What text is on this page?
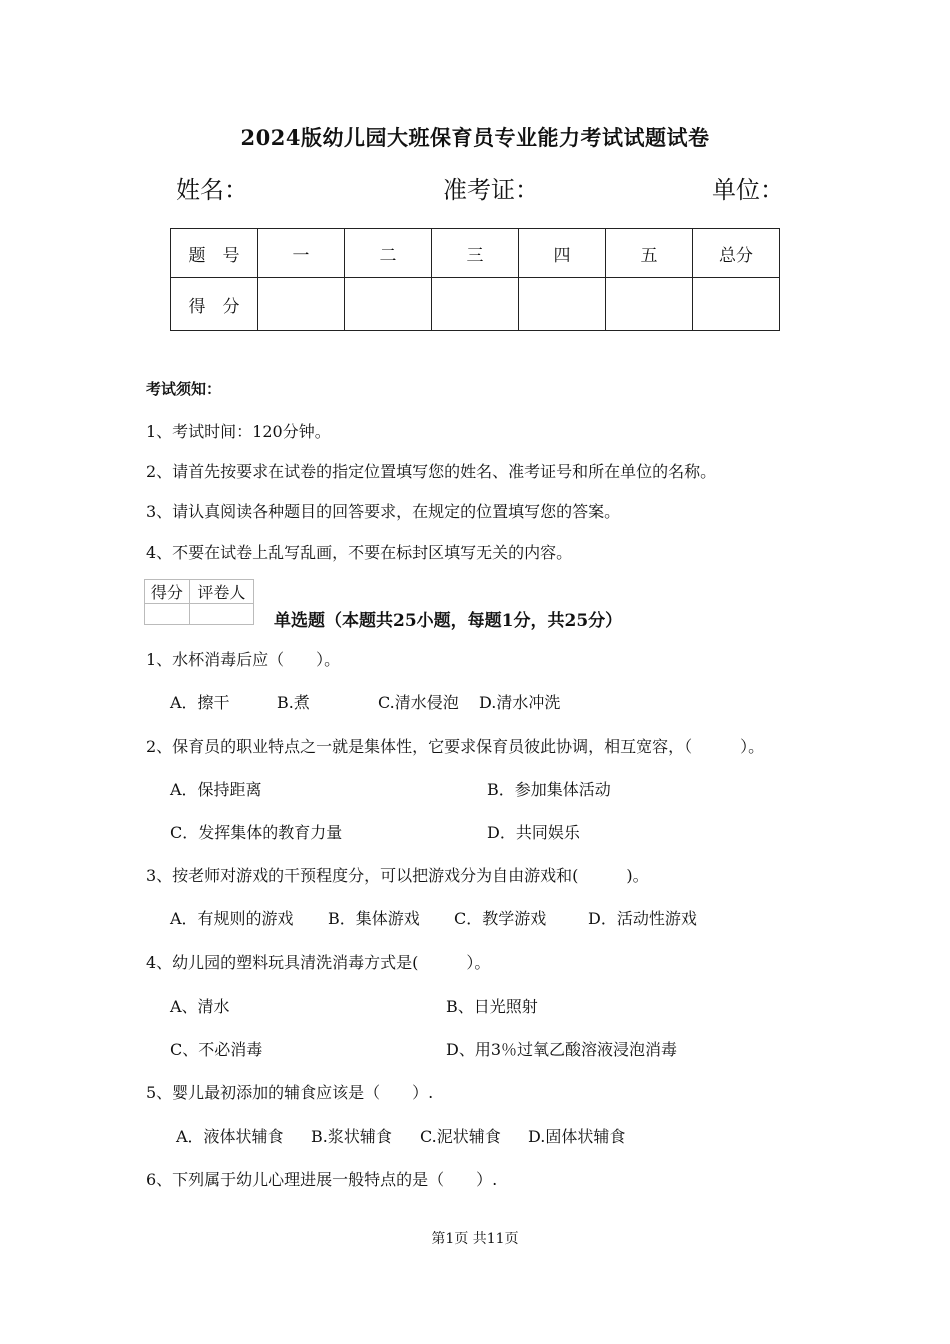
2024版幼儿园大班保育员专业能力考试试题试卷
姓名：	准考证：	单位：
题　号	一	二	三	四	五	总分
得　分						
考试须知：
1、考试时间：120分钟。
2、请首先按要求在试卷的指定位置填写您的姓名、准考证号和所在单位的名称。
3、请认真阅读各种题目的回答要求，在规定的位置填写您的答案。
4、不要在试卷上乱写乱画，不要在标封区填写无关的内容。
得分	评卷人

单选题（本题共25小题，每题1分，共25分）
1、水杯消毒后应（　　）。
A．擦干	B.煮	C.清水侵泡 D.清水冲洗
2、保育员的职业特点之一就是集体性，它要求保育员彼此协调，相互宽容，（　　　）。
A．保持距离	B．参加集体活动
C．发挥集体的教育力量	D．共同娱乐
3、按老师对游戏的干预程度分，可以把游戏分为自由游戏和(　　　)。
A．有规则的游戏 B．集体游戏 C．教学游戏	D．活动性游戏
4、幼儿园的塑料玩具清洗消毒方式是(　　　）。
A、清水	B、日光照射
C、不必消毒	D、用3％过氧乙酸溶液浸泡消毒
5、婴儿最初添加的辅食应该是（　　）.
A．液体状辅食 B.浆状辅食 C.泥状辅食 D.固体状辅食
6、下列属于幼儿心理进展一般特点的是（　　）.
第1页 共11页
